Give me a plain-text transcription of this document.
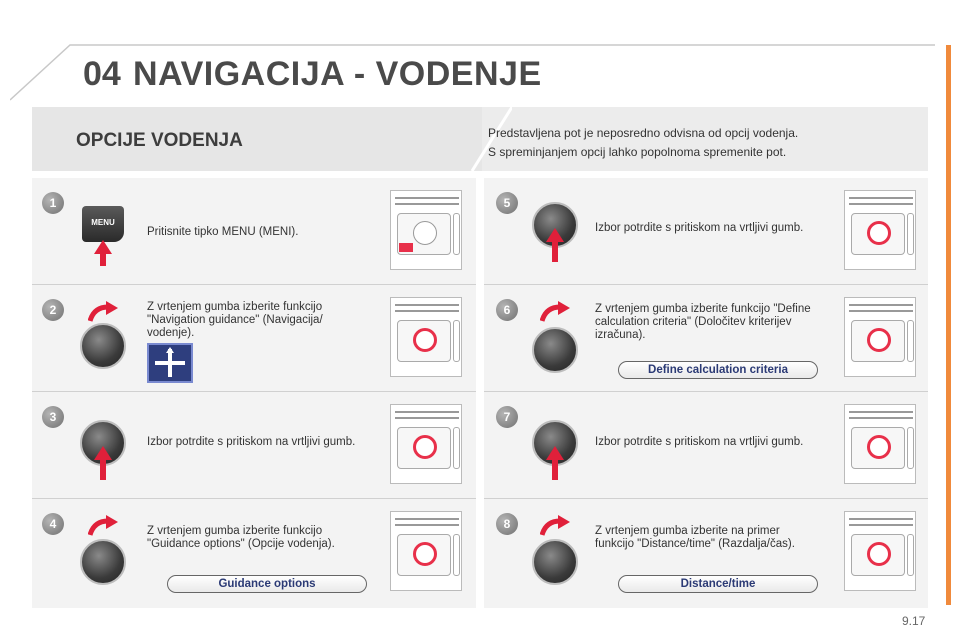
04 NAVIGACIJA - VODENJE
OPCIJE VODENJA	Predstavljena pot je neposredno odvisna od opcij vodenja.
S spreminjanjem opcij lahko popolnoma spremenite pot.
1
MENU
Pritisnite tipko MENU (MENI).
2	Z vrtenjem gumba izberite funkcijo "Navigation guidance" (Navigacija/ vodenje).
3
Izbor potrdite s pritiskom na vrtljivi gumb.
4	Z vrtenjem gumba izberite funkcijo "Guidance options" (Opcije vodenja).
Guidance options
5
Izbor potrdite s pritiskom na vrtljivi gumb.
6	Z vrtenjem gumba izberite funkcijo "Define calculation criteria" (Določitev kriterijev izračuna).
Define calculation criteria
7
Izbor potrdite s pritiskom na vrtljivi gumb.
8	Z vrtenjem gumba izberite na primer funkcijo "Distance/time" (Razdalja/čas).
Distance/time
9.17
